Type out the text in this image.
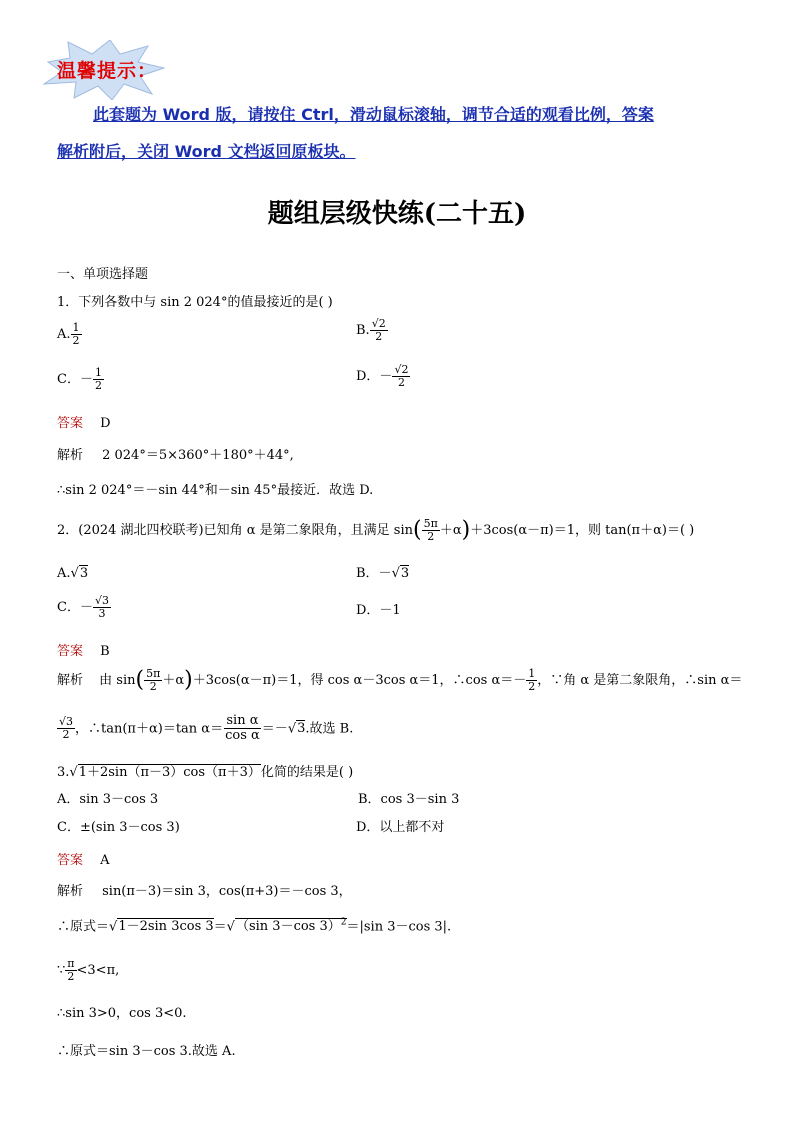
温馨提示：
此套题为 Word 版，请按住 Ctrl，滑动鼠标滚轴，调节合适的观看比例，答案
解析附后，关闭 Word 文档返回原板块。
题组层级快练(二十五)
一、单项选择题
1．下列各数中与 sin 2 024°的值最接近的是( )
A. $\frac{1}{2}$	B. $\frac{√2}{2}$
C．－ $\frac{1}{2}$	D．－ $\frac{√2}{2}$
答案 D
解析 2 024°＝5×360°＋180°＋44°,
∴sin 2 024°＝－sin 44°和－sin 45°最接近．故选 D.
2．(2024 湖北四校联考)已知角 α 是第二象限角，且满足 $\sin( \frac{5\pi}{2} +\alpha)+3\cos(\alpha-\pi)=1$，则 tan(π＋α)＝( )
A.√3	B．－√3
C．－ $\frac{√3}{3}$	D．－1
答案 B
解析 由 $\sin( \frac{5\pi}{2} +\alpha)+3\cos(\alpha-\pi)=1$，得 cos α－3cos α＝1，∴cos $\alpha=- \frac{1}{2}$ ，∵角 α 是第二象限角，∴sin α＝
$\frac{√3}{2}$ ，∴tan(π＋α)＝tan $\alpha= \frac{\text{sin α}}{\text{cos α}} =-√3$.故选 B.
3.√1＋2sin（π－3）cos（π＋3）化简的结果是( )
A．sin 3－cos 3	B．cos 3－sin 3
C．±(sin 3－cos 3)	D．以上都不对
答案 A
解析 sin(π－3)＝sin 3，cos(π+3)＝－cos 3，
∴原式＝√1－2sin 3cos 3＝√（sin 3－cos 3）$^2$＝|sin 3－cos 3|.
∵ $\frac{\pi}{2} <3<\pi$,
∴sin 3>0，cos 3<0.
∴原式＝sin 3－cos 3.故选 A.
